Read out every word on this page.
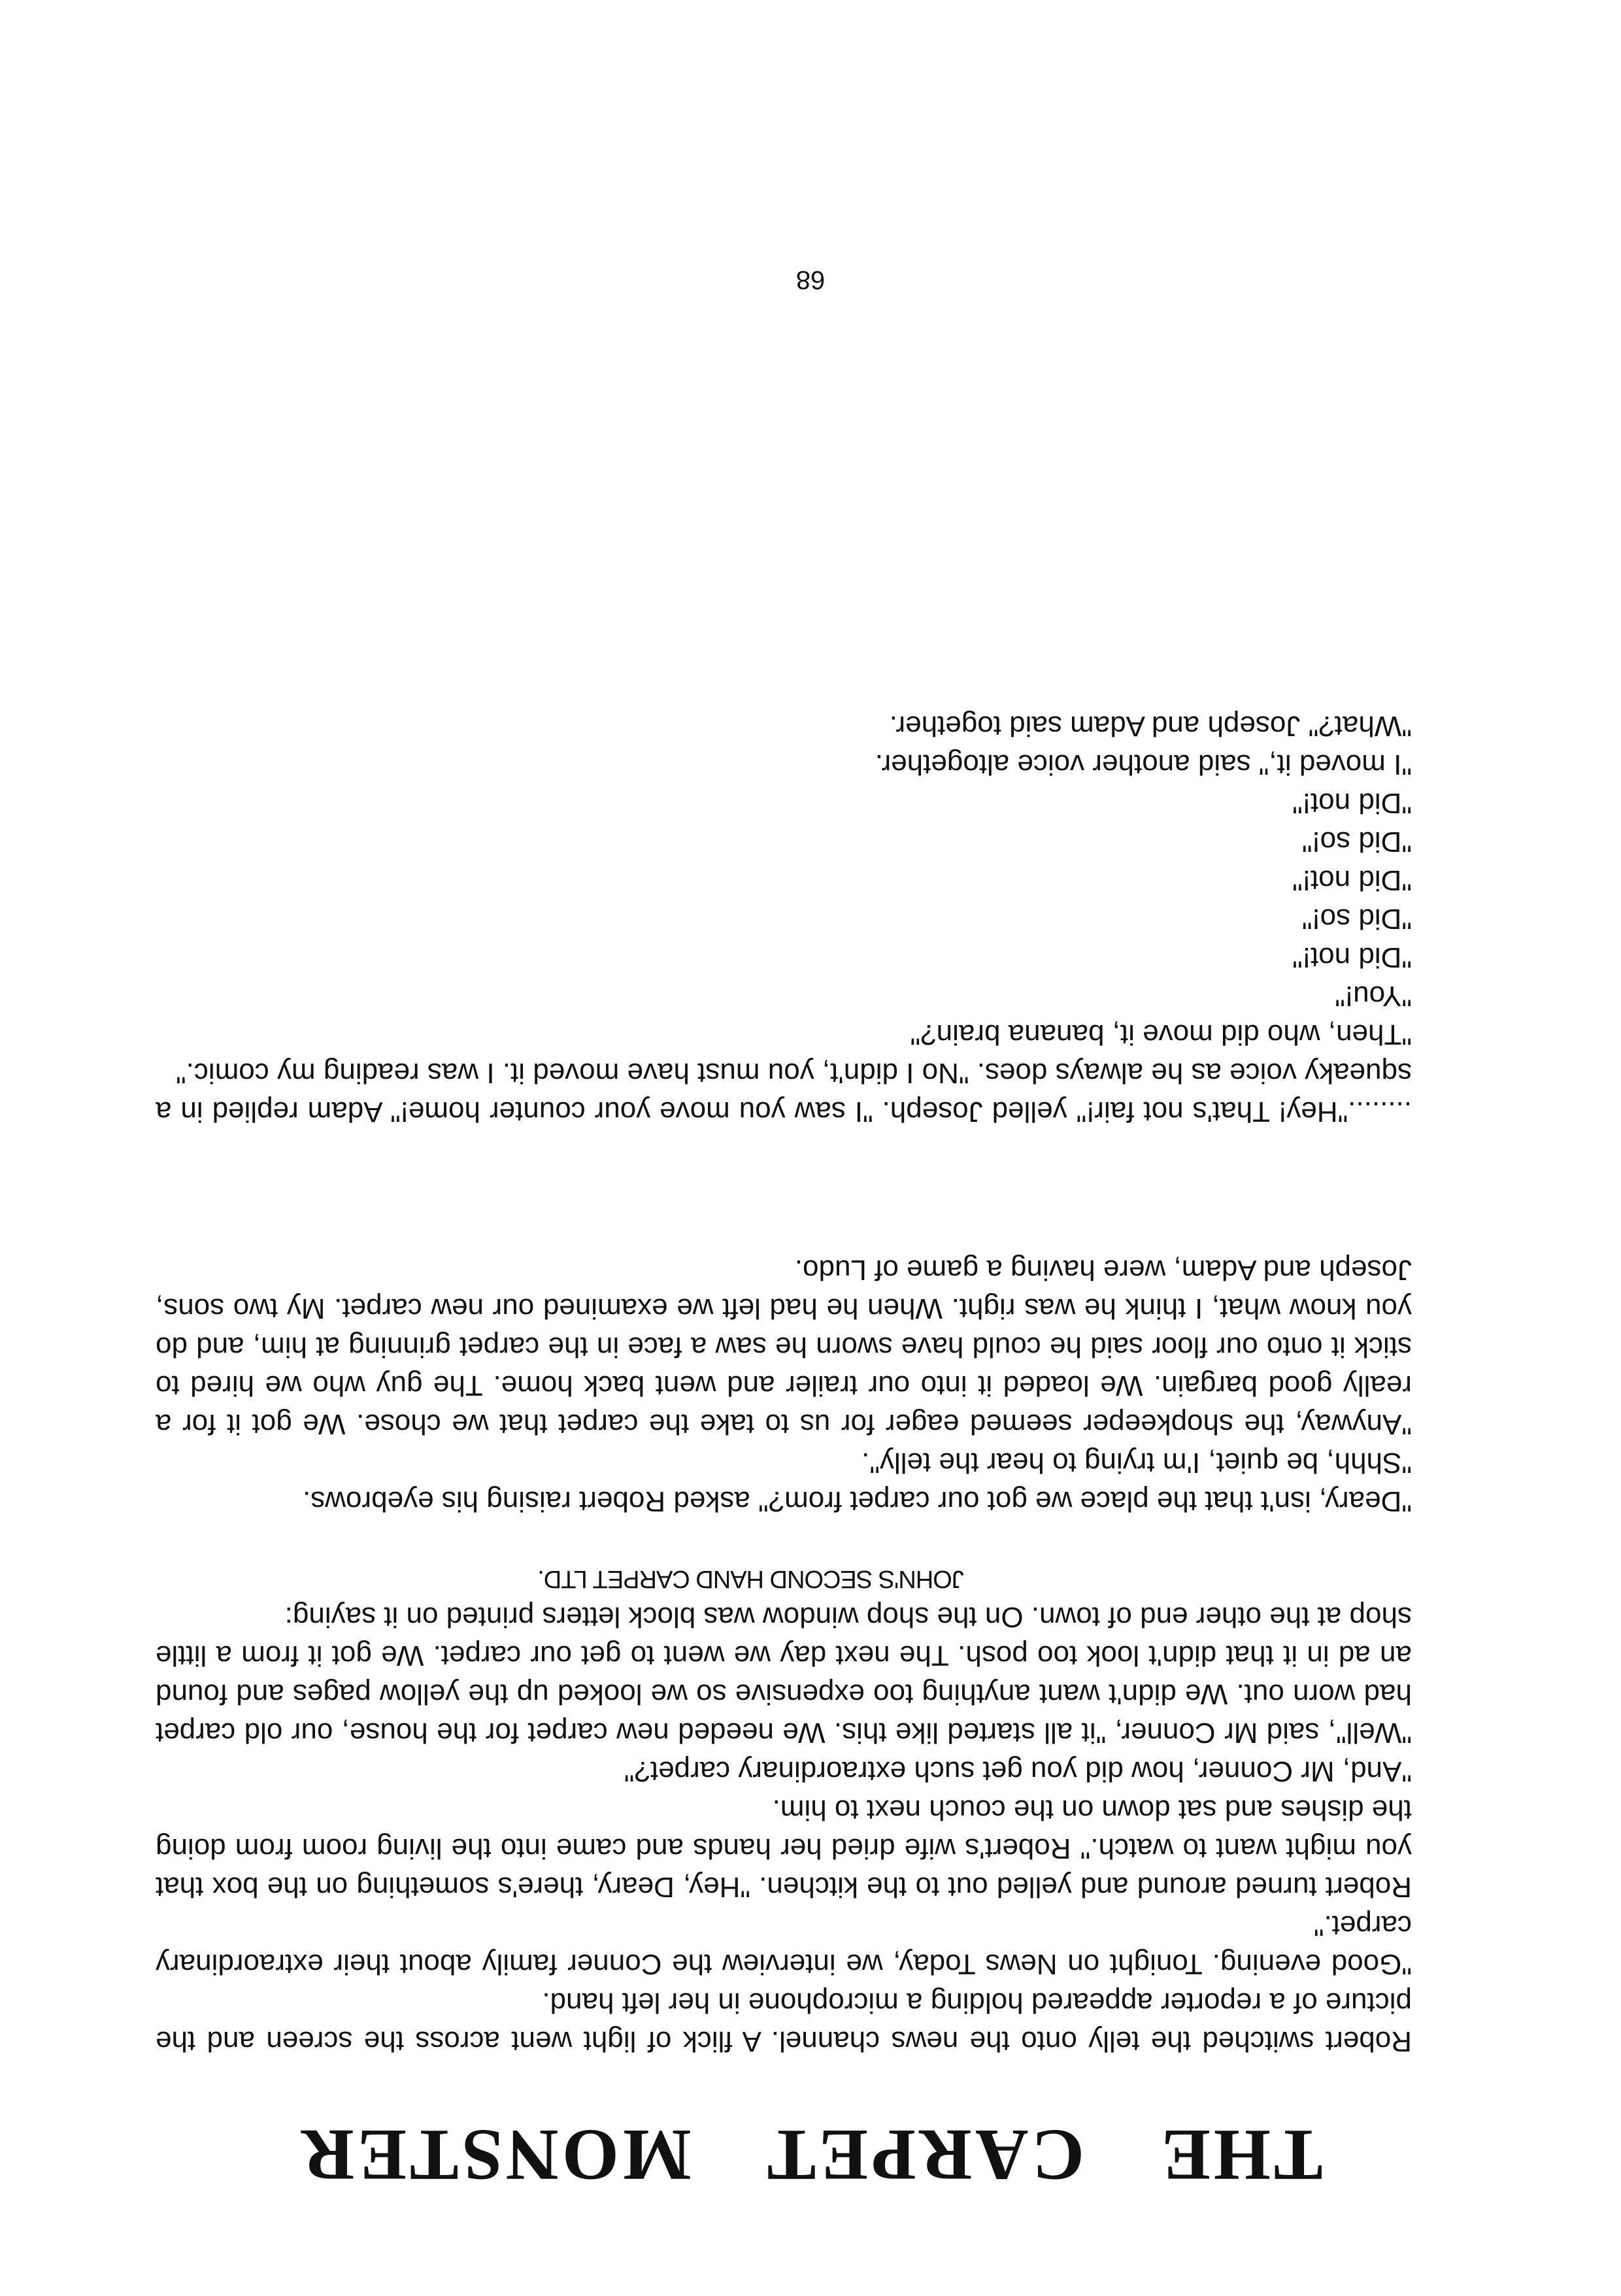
THE CARPET MONSTER

Robert switched the telly onto the news channel. A flick of light went across the screen and the picture of a reporter appeared holding a microphone in her left hand.

"Good evening. Tonight on News Today, we interview the Conner family about their extraordinary carpet."

Robert turned around and yelled out to the kitchen. "Hey, Deary, there's something on the box that you might want to watch." Robert's wife dried her hands and came into the living room from doing the dishes and sat down on the couch next to him.

"And, Mr Conner, how did you get such extraordinary carpet?"

"Well", said Mr Conner, "it all started like this. We needed new carpet for the house, our old carpet had worn out. We didn't want anything too expensive so we looked up the yellow pages and found an ad in it that didn't look too posh. The next day we went to get our carpet. We got it from a little shop at the other end of town. On the shop window was block letters printed on it saying:

JOHN'S SECOND HAND CARPET LTD.

"Deary, isn't that the place we got our carpet from?" asked Robert raising his eyebrows.

"Shhh, be quiet, I'm trying to hear the telly".

"Anyway, the shopkeeper seemed eager for us to take the carpet that we chose. We got it for a really good bargain. We loaded it into our trailer and went back home. The guy who we hired to stick it onto our floor said he could have sworn he saw a face in the carpet grinning at him, and do you know what, I think he was right. When he had left we examined our new carpet. My two sons, Joseph and Adam, were having a game of Ludo.

........"Hey! That's not fair!" yelled Joseph. "I saw you move your counter home!" Adam replied in a squeaky voice as he always does. "No I didn't, you must have moved it. I was reading my comic."

"Then, who did move it, banana brain?"

"You!"

"Did not!"

"Did so!"

"Did not!"

"Did so!"

"Did not!"

"I moved it," said another voice altogether.

"What?" Joseph and Adam said together.

68
